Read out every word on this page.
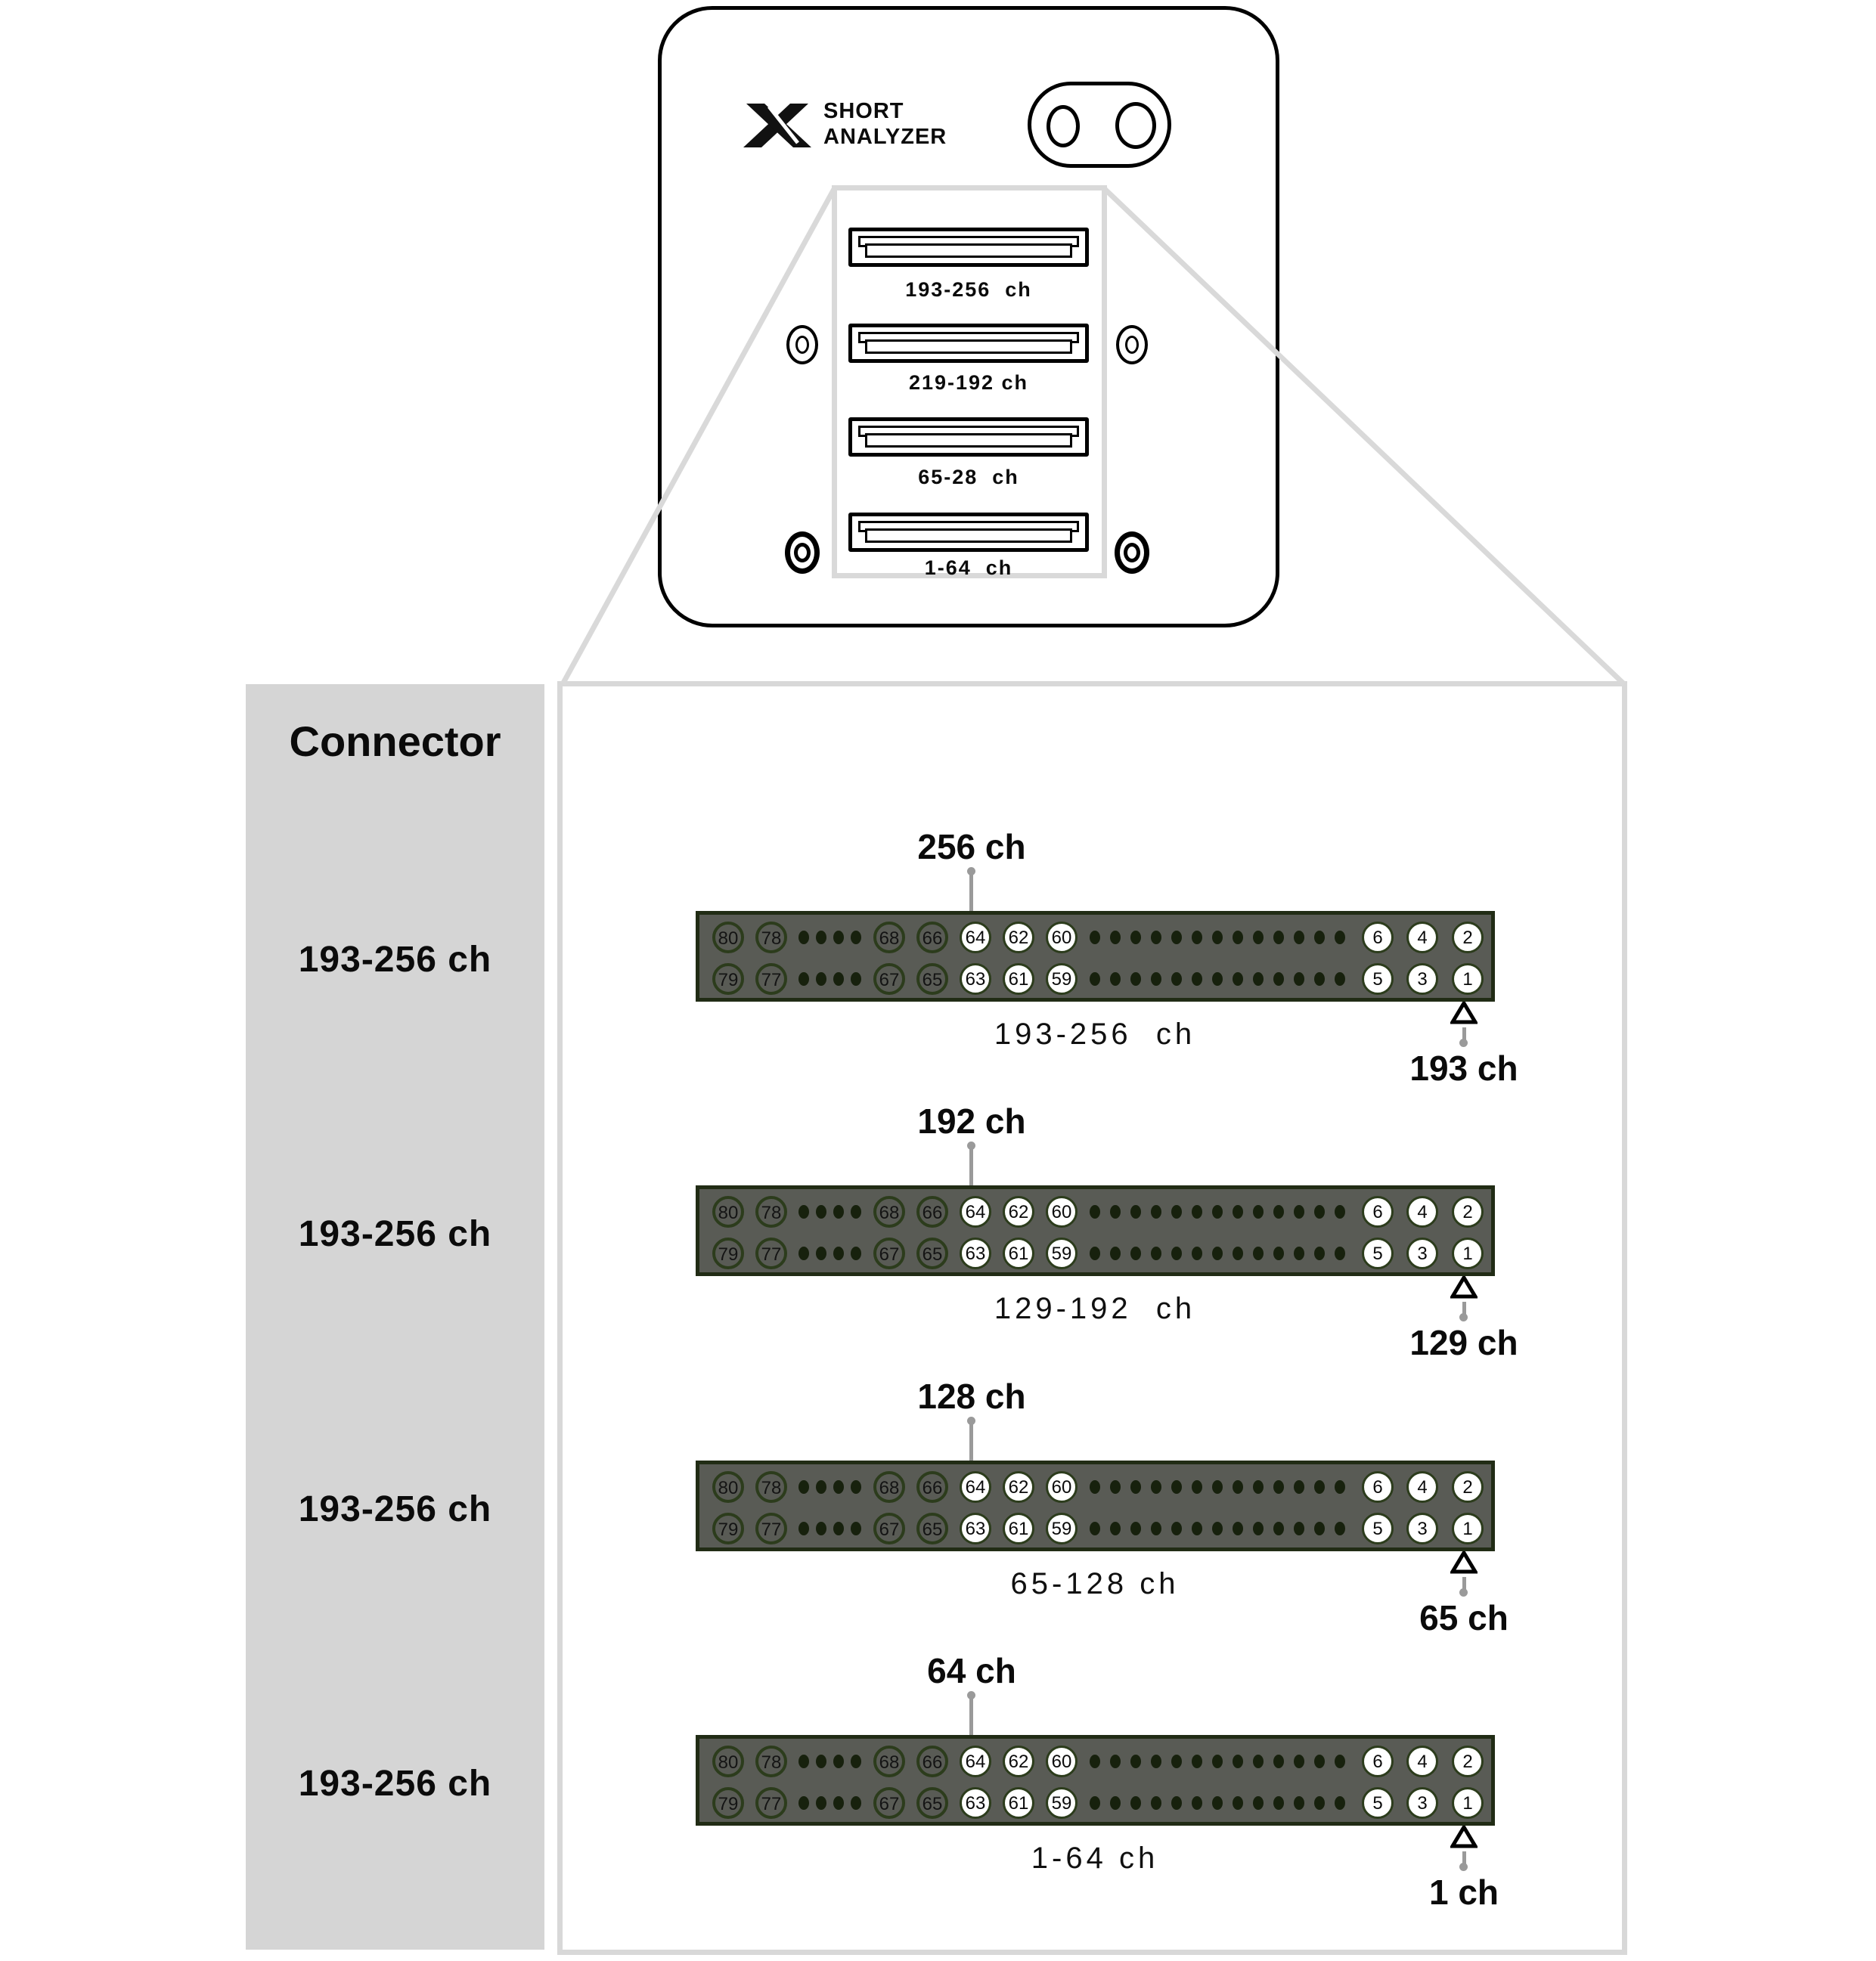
Connector
193-256 ch
193-256 ch
193-256 ch
193-256 ch
SHORT
ANALYZER
193-256  ch
219-192 ch
65-28  ch
1-64  ch
256 ch
80	78	68	66	64	62	60	6	4	2
79	77	67	65	63	61	59	5	3	1
193-256  ch
193 ch
192 ch
80	78	68	66	64	62	60	6	4	2
79	77	67	65	63	61	59	5	3	1
129-192  ch
129 ch
128 ch
80	78	68	66	64	62	60	6	4	2
79	77	67	65	63	61	59	5	3	1
65-128 ch
65 ch
64 ch
80	78	68	66	64	62	60	6	4	2
79	77	67	65	63	61	59	5	3	1
1-64 ch
1 ch
